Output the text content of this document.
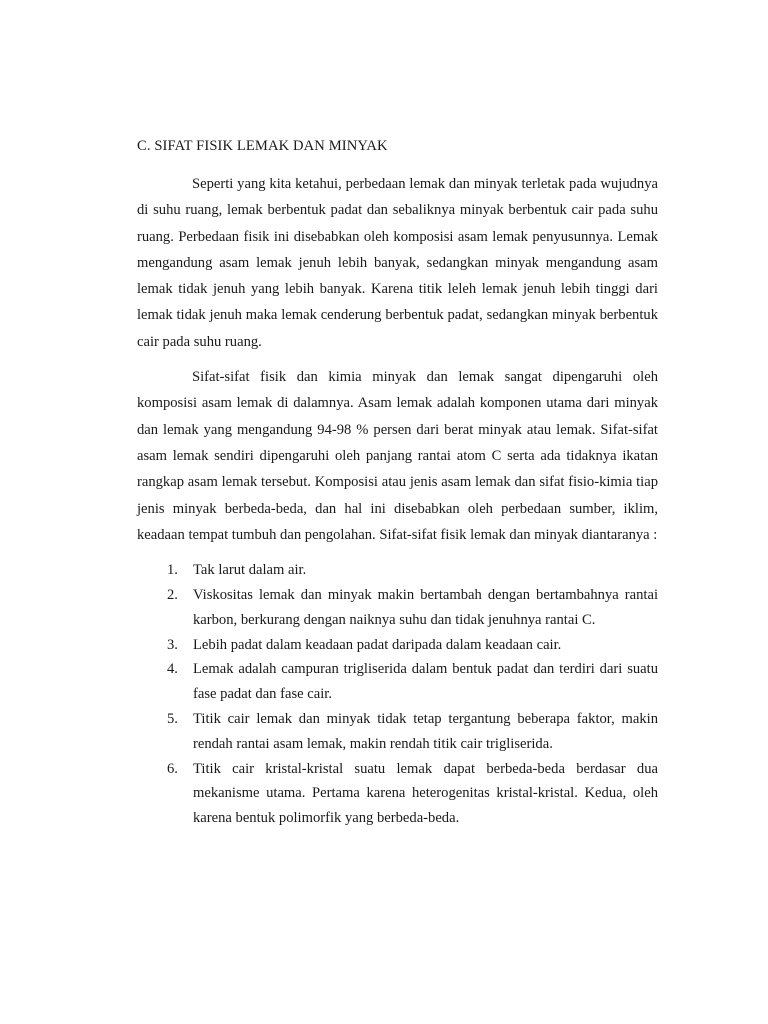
C. SIFAT FISIK LEMAK DAN MINYAK

Seperti yang kita ketahui, perbedaan lemak dan minyak terletak pada wujudnya di suhu ruang, lemak berbentuk padat dan sebaliknya minyak berbentuk cair pada suhu ruang. Perbedaan fisik ini disebabkan oleh komposisi asam lemak penyusunnya. Lemak mengandung asam lemak jenuh lebih banyak, sedangkan minyak mengandung asam lemak tidak jenuh yang lebih banyak. Karena titik leleh lemak jenuh lebih tinggi dari lemak tidak jenuh maka lemak cenderung berbentuk padat, sedangkan minyak berbentuk cair pada suhu ruang.

Sifat-sifat fisik dan kimia minyak dan lemak sangat dipengaruhi oleh komposisi asam lemak di dalamnya. Asam lemak adalah komponen utama dari minyak dan lemak yang mengandung 94-98 % persen dari berat minyak atau lemak. Sifat-sifat asam lemak sendiri dipengaruhi oleh panjang rantai atom C serta ada tidaknya ikatan rangkap asam lemak tersebut. Komposisi atau jenis asam lemak dan sifat fisio-kimia tiap jenis minyak berbeda-beda, dan hal ini disebabkan oleh perbedaan sumber, iklim, keadaan tempat tumbuh dan pengolahan. Sifat-sifat fisik lemak dan minyak diantaranya :

1. Tak larut dalam air.
2. Viskositas lemak dan minyak makin bertambah dengan bertambahnya rantai karbon, berkurang dengan naiknya suhu dan tidak jenuhnya rantai C.
3. Lebih padat dalam keadaan padat daripada dalam keadaan cair.
4. Lemak adalah campuran trigliserida dalam bentuk padat dan terdiri dari suatu fase padat dan fase cair.
5. Titik cair lemak dan minyak tidak tetap tergantung beberapa faktor, makin rendah rantai asam lemak, makin rendah titik cair trigliserida.
6. Titik cair kristal-kristal suatu lemak dapat berbeda-beda berdasar dua mekanisme utama. Pertama karena heterogenitas kristal-kristal. Kedua, oleh karena bentuk polimorfik yang berbeda-beda.
